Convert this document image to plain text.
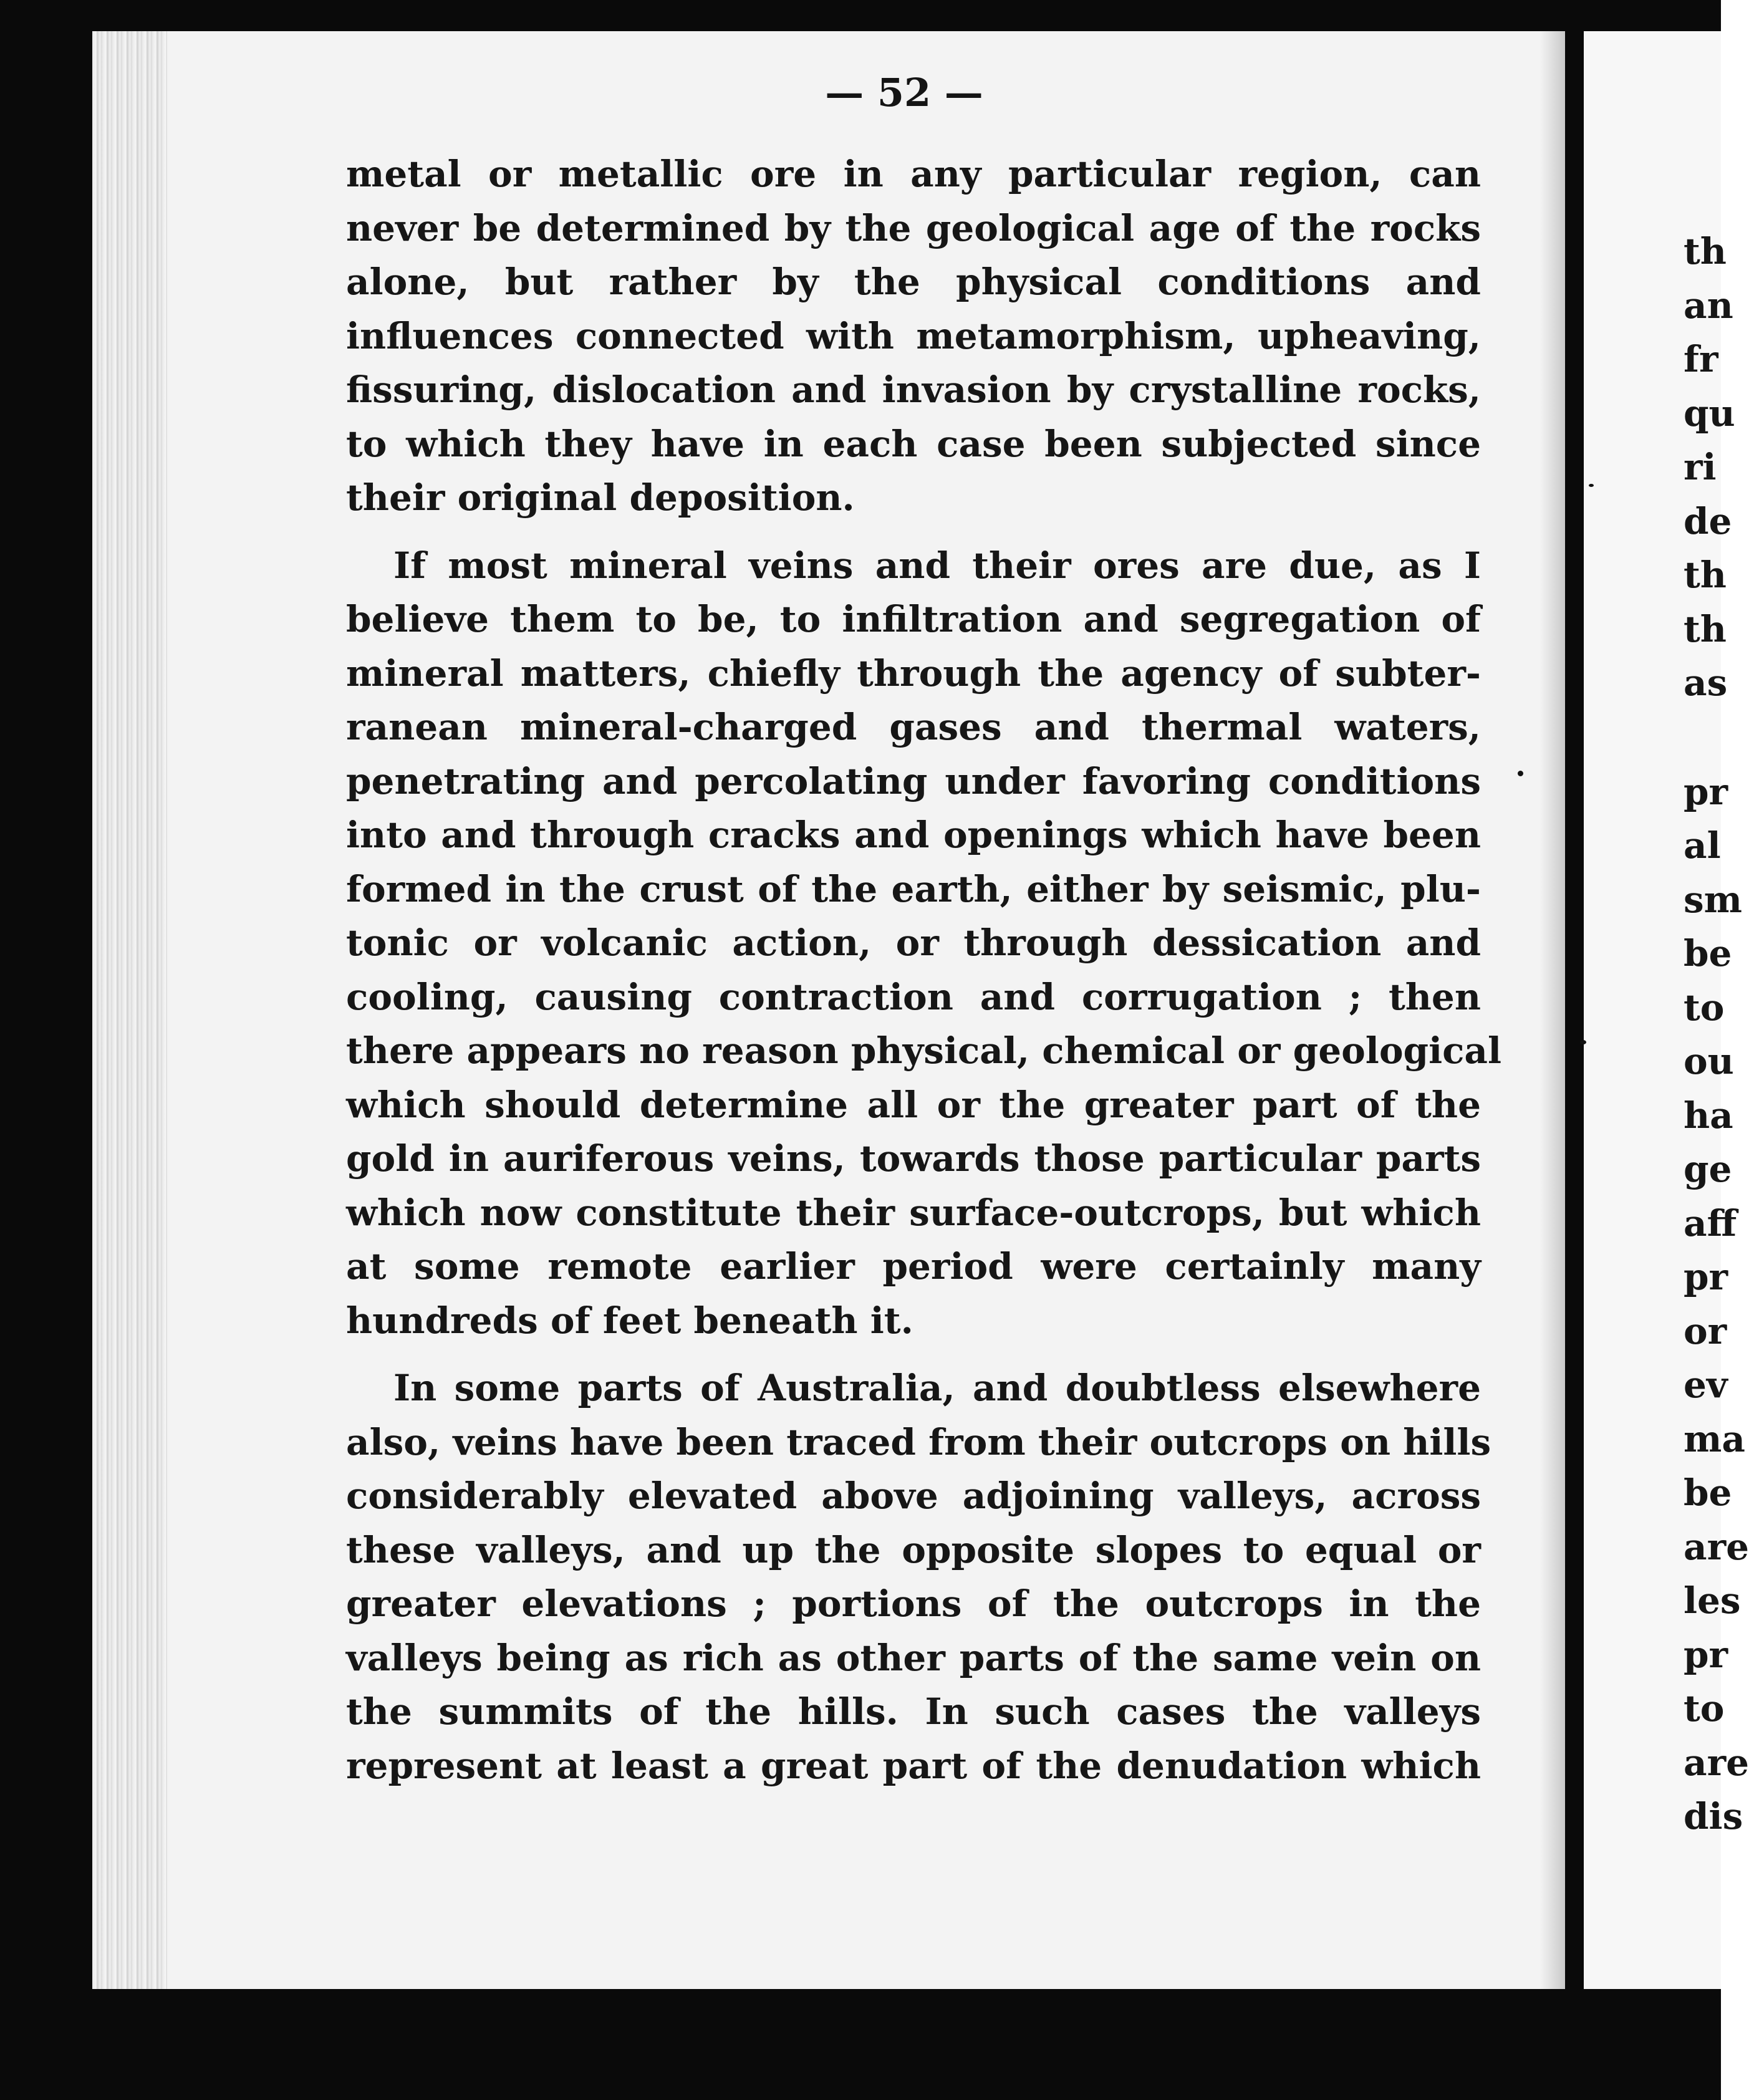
— 52 —
metal or metallic ore in any particular region, can
never be determined by the geological age of the rocks
alone, but rather by the physical conditions and
influences connected with metamorphism, upheaving,
fissuring, dislocation and invasion by crystalline rocks,
to which they have in each case been subjected since
their original deposition.
If most mineral veins and their ores are due, as I
believe them to be, to infiltration and segregation of
mineral matters, chiefly through the agency of subter-
ranean mineral-charged gases and thermal waters,
penetrating and percolating under favoring conditions
into and through cracks and openings which have been
formed in the crust of the earth, either by seismic, plu-
tonic or volcanic action, or through dessication and
cooling, causing contraction and corrugation ; then
there appears no reason physical, chemical or geological
which should determine all or the greater part of the
gold in auriferous veins, towards those particular parts
which now constitute their surface-outcrops, but which
at some remote earlier period were certainly many
hundreds of feet beneath it.
In some parts of Australia, and doubtless elsewhere
also, veins have been traced from their outcrops on hills
considerably elevated above adjoining valleys, across
these valleys, and up the opposite slopes to equal or
greater elevations ; portions of the outcrops in the
valleys being as rich as other parts of the same vein on
the summits of the hills. In such cases the valleys
represent at least a great part of the denudation which
th
an
fr
qu
ri
de
th
th
as
pr
al
sm
be
to
ou
ha
ge
aff
pr
or
ev
ma
be
are
les
pr
to
are
dis
